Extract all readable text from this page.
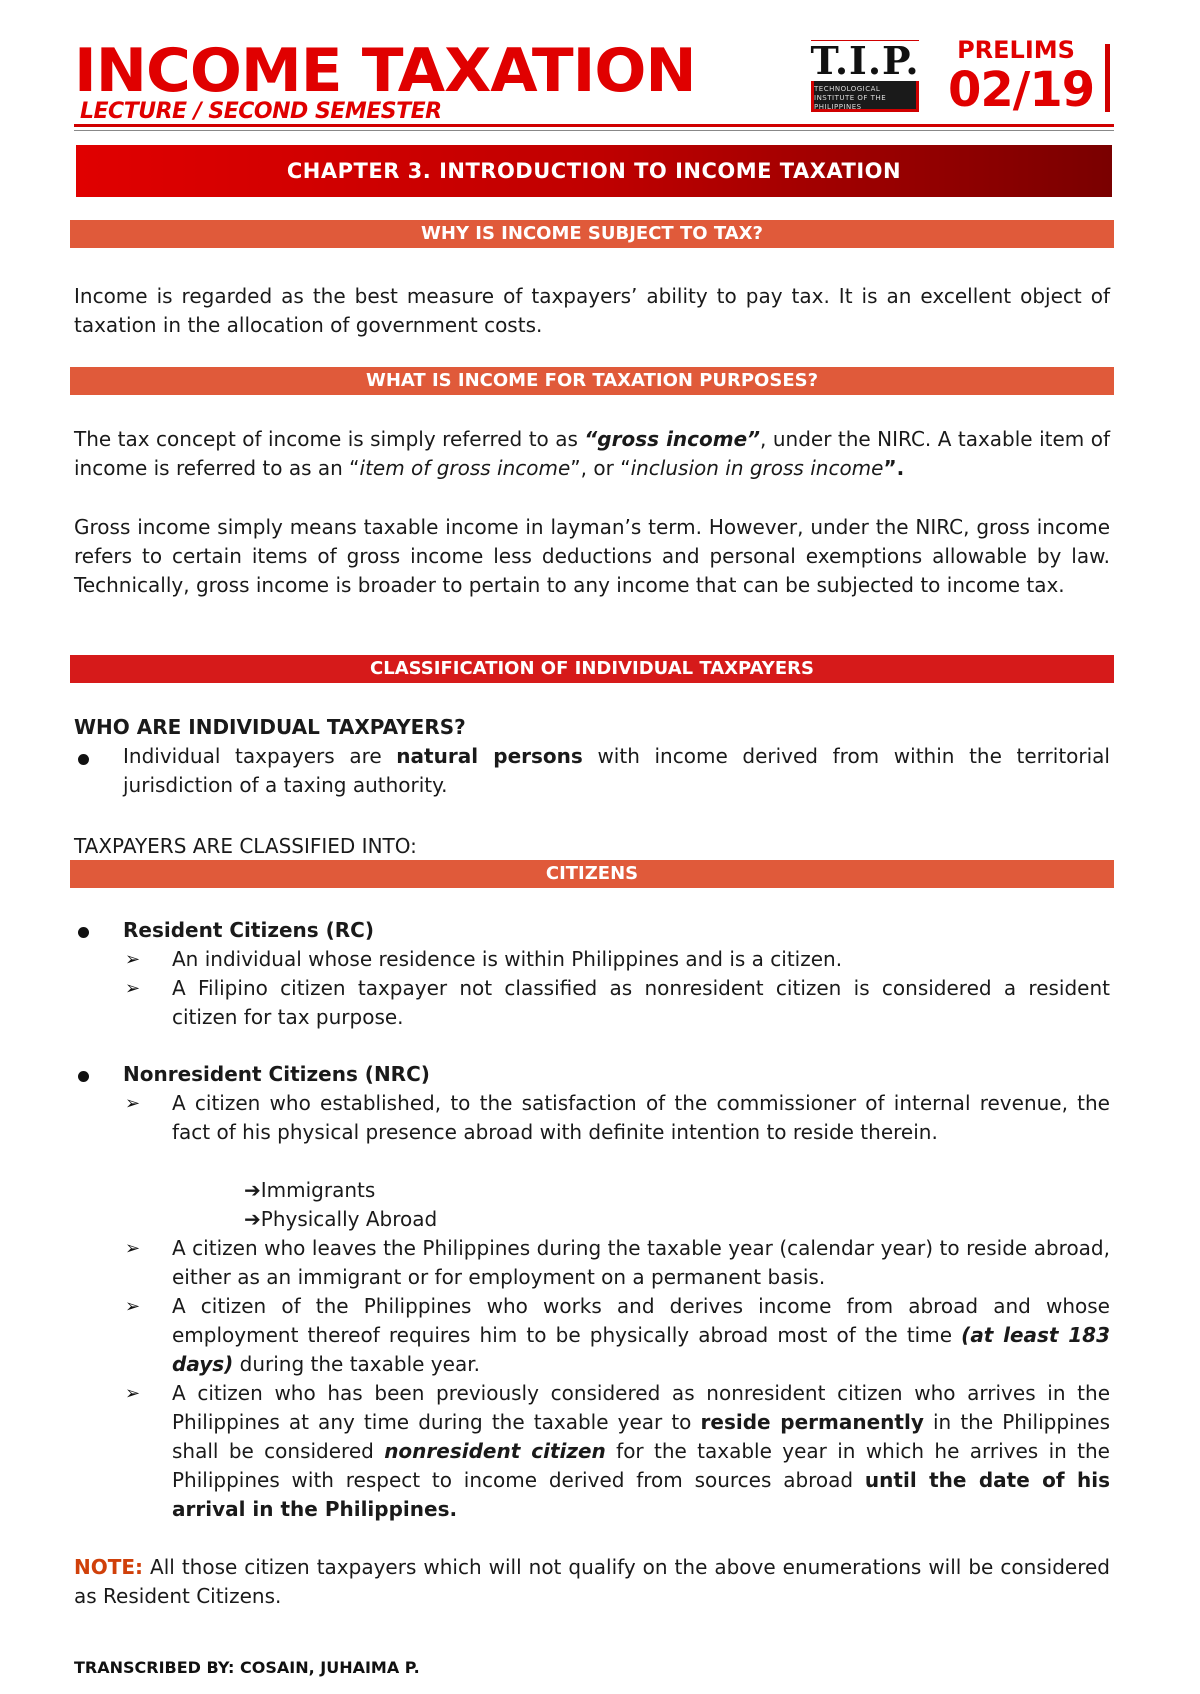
INCOME TAXATION
LECTURE / SECOND SEMESTER
T.I.P.
TECHNOLOGICAL INSTITUTE OF THE PHILIPPINES
PRELIMS
02/19
CHAPTER 3. INTRODUCTION TO INCOME TAXATION
WHY IS INCOME SUBJECT TO TAX?
Income is regarded as the best measure of taxpayers’ ability to pay tax. It is an excellent object of taxation in the allocation of government costs.
WHAT IS INCOME FOR TAXATION PURPOSES?
The tax concept of income is simply referred to as “gross income”, under the NIRC. A taxable item of income is referred to as an “item of gross income”, or “inclusion in gross income”.
Gross income simply means taxable income in layman’s term. However, under the NIRC, gross income refers to certain items of gross income less deductions and personal exemptions allowable by law. Technically, gross income is broader to pertain to any income that can be subjected to income tax.
CLASSIFICATION OF INDIVIDUAL TAXPAYERS
WHO ARE INDIVIDUAL TAXPAYERS?
Individual taxpayers are natural persons with income derived from within the territorial jurisdiction of a taxing authority.
TAXPAYERS ARE CLASSIFIED INTO:
CITIZENS
Resident Citizens (RC)
➢ An individual whose residence is within Philippines and is a citizen.
➢ A Filipino citizen taxpayer not classified as nonresident citizen is considered a resident citizen for tax purpose.
Nonresident Citizens (NRC)
➢ A citizen who established, to the satisfaction of the commissioner of internal revenue, the fact of his physical presence abroad with definite intention to reside therein.
➔Immigrants
➔Physically Abroad
➢ A citizen who leaves the Philippines during the taxable year (calendar year) to reside abroad, either as an immigrant or for employment on a permanent basis.
➢ A citizen of the Philippines who works and derives income from abroad and whose employment thereof requires him to be physically abroad most of the time (at least 183 days) during the taxable year.
➢ A citizen who has been previously considered as nonresident citizen who arrives in the Philippines at any time during the taxable year to reside permanently in the Philippines shall be considered nonresident citizen for the taxable year in which he arrives in the Philippines with respect to income derived from sources abroad until the date of his arrival in the Philippines.
NOTE: All those citizen taxpayers which will not qualify on the above enumerations will be considered as Resident Citizens.
TRANSCRIBED BY: COSAIN, JUHAIMA P.
